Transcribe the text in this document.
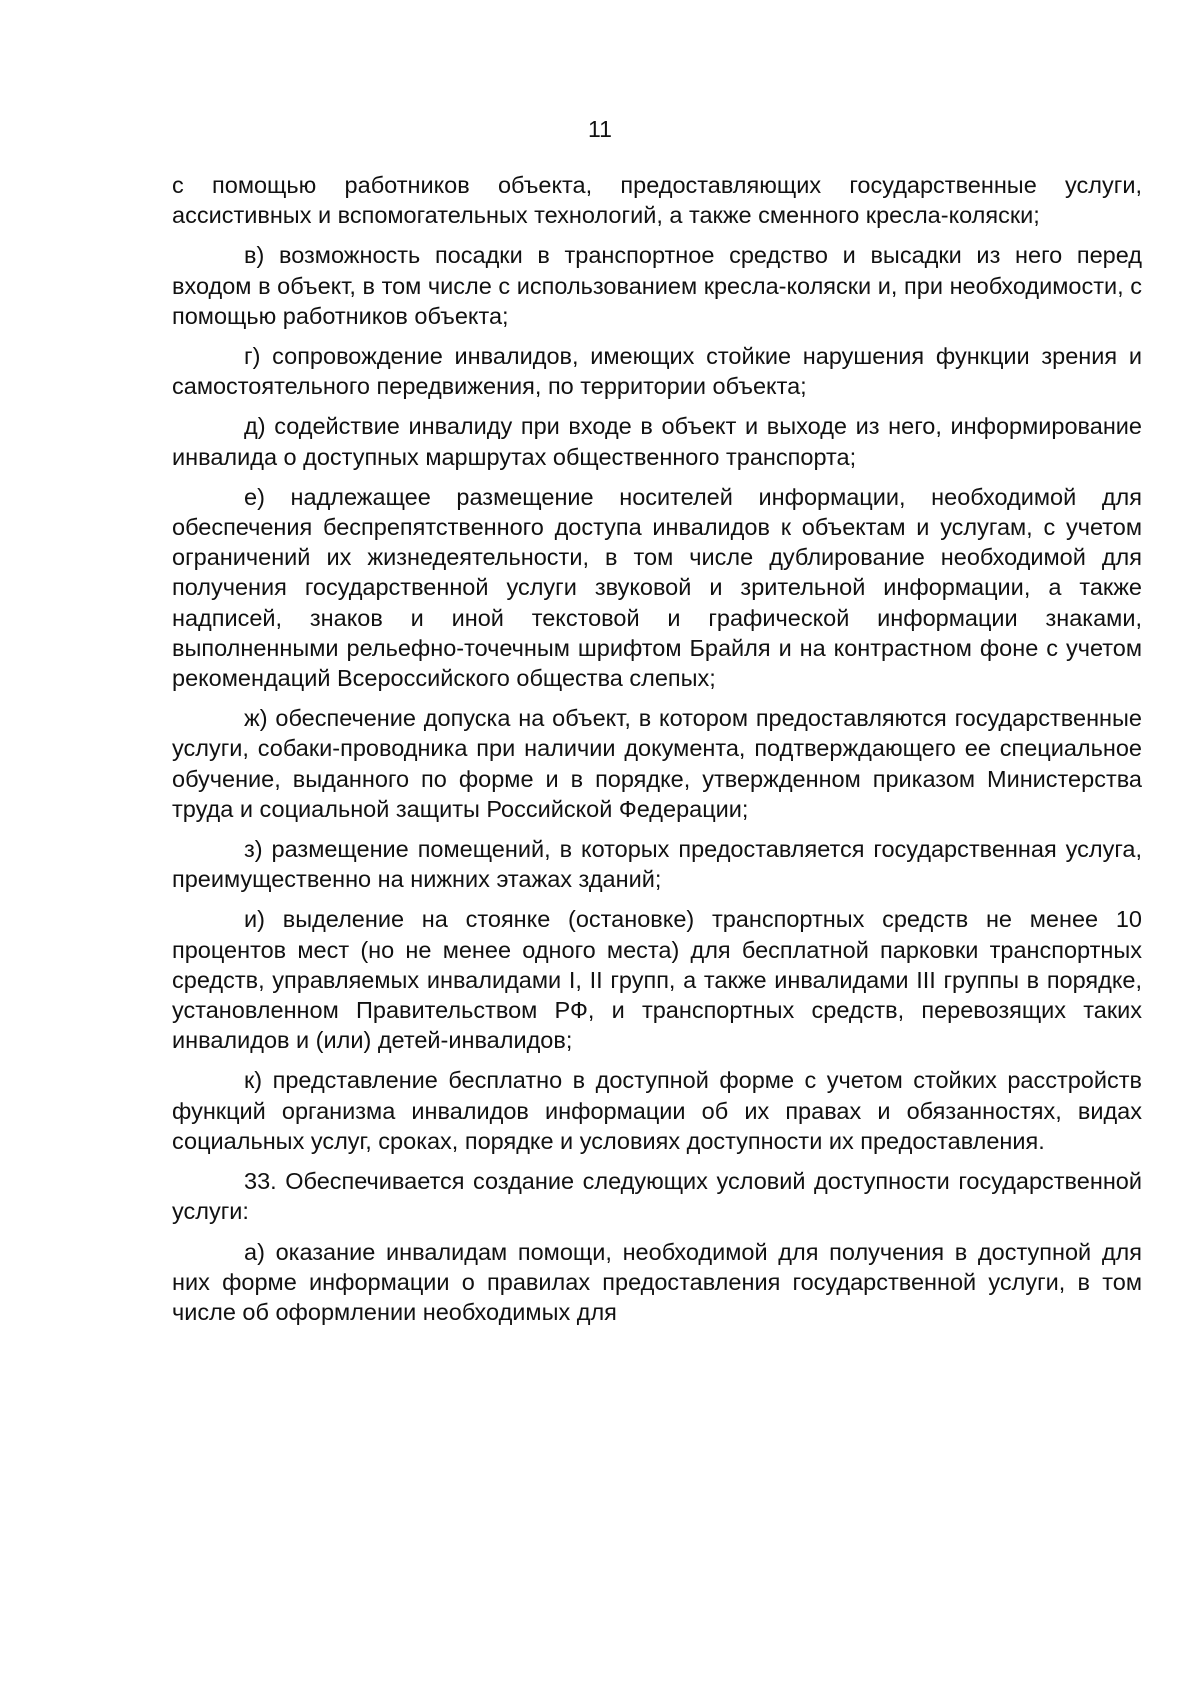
11

с помощью работников объекта, предоставляющих государственные услуги, ассистивных и вспомогательных технологий, а также сменного кресла-коляски;

в) возможность посадки в транспортное средство и высадки из него перед входом в объект, в том числе с использованием кресла-коляски и, при необходимости, с помощью работников объекта;

г) сопровождение инвалидов, имеющих стойкие нарушения функции зрения и самостоятельного передвижения, по территории объекта;

д) содействие инвалиду при входе в объект и выходе из него, информирование инвалида о доступных маршрутах общественного транспорта;

е) надлежащее размещение носителей информации, необходимой для обеспечения беспрепятственного доступа инвалидов к объектам и услугам, с учетом ограничений их жизнедеятельности, в том числе дублирование необходимой для получения государственной услуги звуковой и зрительной информации, а также надписей, знаков и иной текстовой и графической информации знаками, выполненными рельефно-точечным шрифтом Брайля и на контрастном фоне с учетом рекомендаций Всероссийского общества слепых;

ж) обеспечение допуска на объект, в котором предоставляются государственные услуги, собаки-проводника при наличии документа, подтверждающего ее специальное обучение, выданного по форме и в порядке, утвержденном приказом Министерства труда и социальной защиты Российской Федерации;

з) размещение помещений, в которых предоставляется государственная услуга, преимущественно на нижних этажах зданий;

и) выделение на стоянке (остановке) транспортных средств не менее 10 процентов мест (но не менее одного места) для бесплатной парковки транспортных средств, управляемых инвалидами I, II групп, а также инвалидами III группы в порядке, установленном Правительством РФ, и транспортных средств, перевозящих таких инвалидов и (или) детей-инвалидов;

к) представление бесплатно в доступной форме с учетом стойких расстройств функций организма инвалидов информации об их правах и обязанностях, видах социальных услуг, сроках, порядке и условиях доступности их предоставления.

33. Обеспечивается создание следующих условий доступности государственной услуги:

а) оказание инвалидам помощи, необходимой для получения в доступной для них форме информации о правилах предоставления государственной услуги, в том числе об оформлении необходимых для
